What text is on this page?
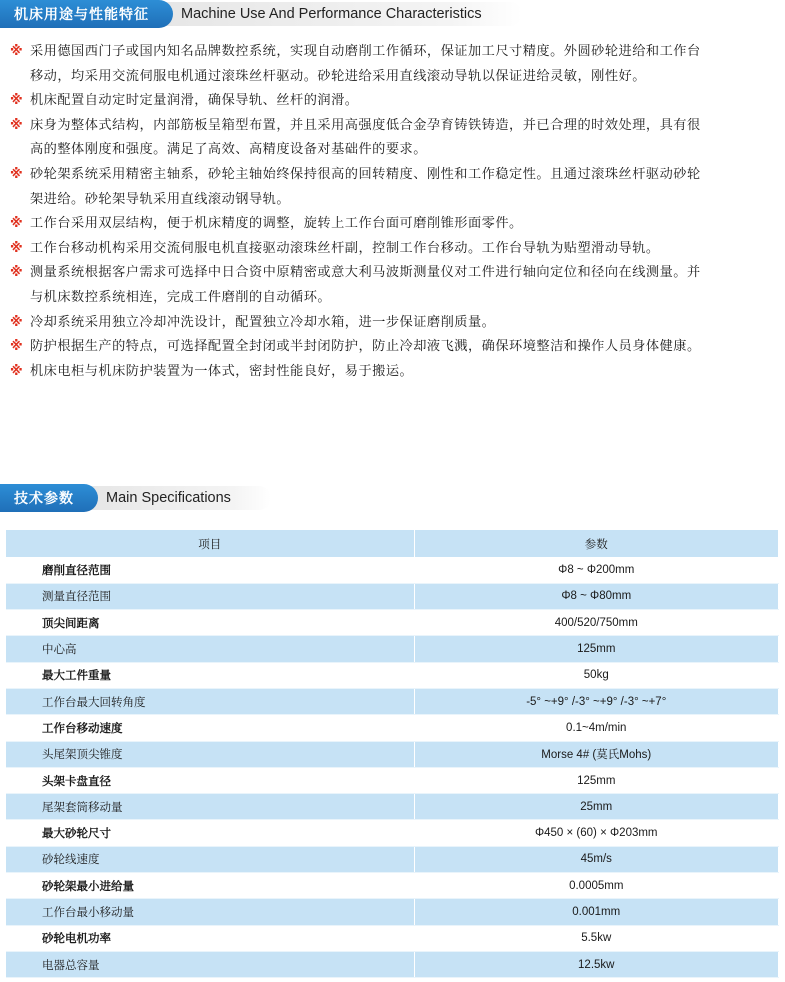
机床用途与性能特征	Machine Use And Performance Characteristics
※ 采用德国西门子或国内知名品牌数控系统，实现自动磨削工作循环，保证加工尺寸精度。外圆砂轮进给和工作台
移动，均采用交流伺服电机通过滚珠丝杆驱动。砂轮进给采用直线滚动导轨以保证进给灵敏，刚性好。
※ 机床配置自动定时定量润滑，确保导轨、丝杆的润滑。
※ 床身为整体式结构，内部筋板呈箱型布置，并且采用高强度低合金孕育铸铁铸造，并已合理的时效处理，具有很
高的整体刚度和强度。满足了高效、高精度设备对基础件的要求。
※ 砂轮架系统采用精密主轴系，砂轮主轴始终保持很高的回转精度、刚性和工作稳定性。且通过滚珠丝杆驱动砂轮
架进给。砂轮架导轨采用直线滚动钢导轨。
※ 工作台采用双层结构，便于机床精度的调整，旋转上工作台面可磨削锥形面零件。
※ 工作台移动机构采用交流伺服电机直接驱动滚珠丝杆副，控制工作台移动。工作台导轨为贴塑滑动导轨。
※ 测量系统根据客户需求可选择中日合资中原精密或意大利马波斯测量仪对工件进行轴向定位和径向在线测量。并
与机床数控系统相连，完成工件磨削的自动循环。
※ 冷却系统采用独立冷却冲洗设计，配置独立冷却水箱，进一步保证磨削质量。
※ 防护根据生产的特点，可选择配置全封闭或半封闭防护，防止冷却液飞溅，确保环境整洁和操作人员身体健康。
※ 机床电柜与机床防护装置为一体式，密封性能良好，易于搬运。
技术参数	Main Specifications
项目	参数
磨削直径范围	Φ8 ~ Φ200mm
测量直径范围	Φ8 ~ Φ80mm
顶尖间距离	400/520/750mm
中心高	125mm
最大工件重量	50kg
工作台最大回转角度	-5° ~+9° /-3° ~+9° /-3° ~+7°
工作台移动速度	0.1~4m/min
头尾架顶尖锥度	Morse 4# (莫氏Mohs)
头架卡盘直径	125mm
尾架套筒移动量	25mm
最大砂轮尺寸	Φ450 × (60) × Φ203mm
砂轮线速度	45m/s
砂轮架最小进给量	0.0005mm
工作台最小移动量	0.001mm
砂轮电机功率	5.5kw
电器总容量	12.5kw
